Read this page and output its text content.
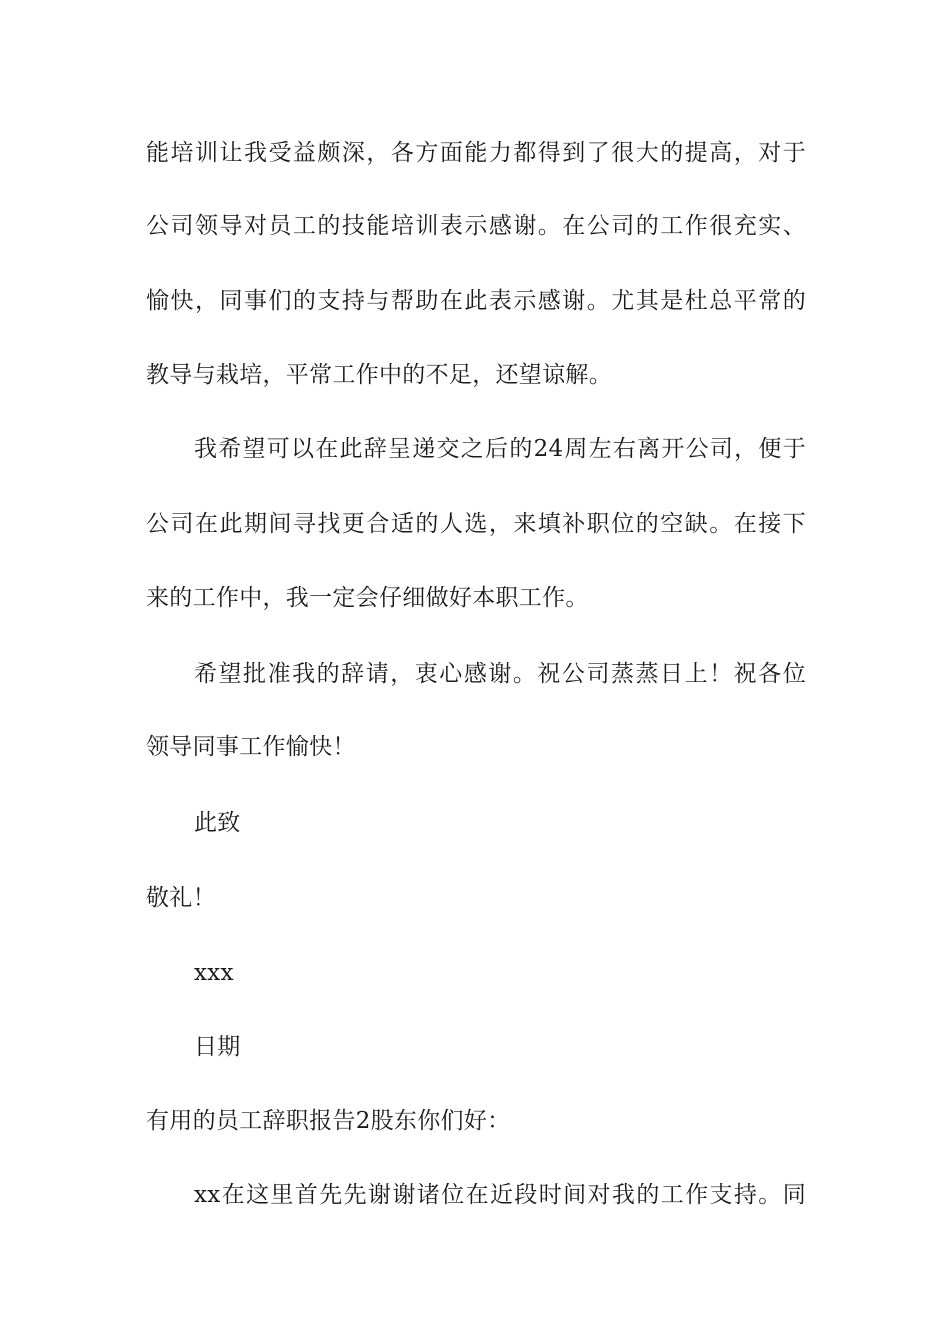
能培训让我受益颇深，各方面能力都得到了很大的提高，对于
公司领导对员工的技能培训表示感谢。在公司的工作很充实、
愉快，同事们的支持与帮助在此表示感谢。尤其是杜总平常的
教导与栽培，平常工作中的不足，还望谅解。
我希望可以在此辞呈递交之后的24周左右离开公司，便于
公司在此期间寻找更合适的人选，来填补职位的空缺。在接下
来的工作中，我一定会仔细做好本职工作。
希望批准我的辞请，衷心感谢。祝公司蒸蒸日上！祝各位
领导同事工作愉快！
此致
敬礼！
xxx
日期
有用的员工辞职报告2股东你们好：
xx在这里首先先谢谢诸位在近段时间对我的工作支持。同
